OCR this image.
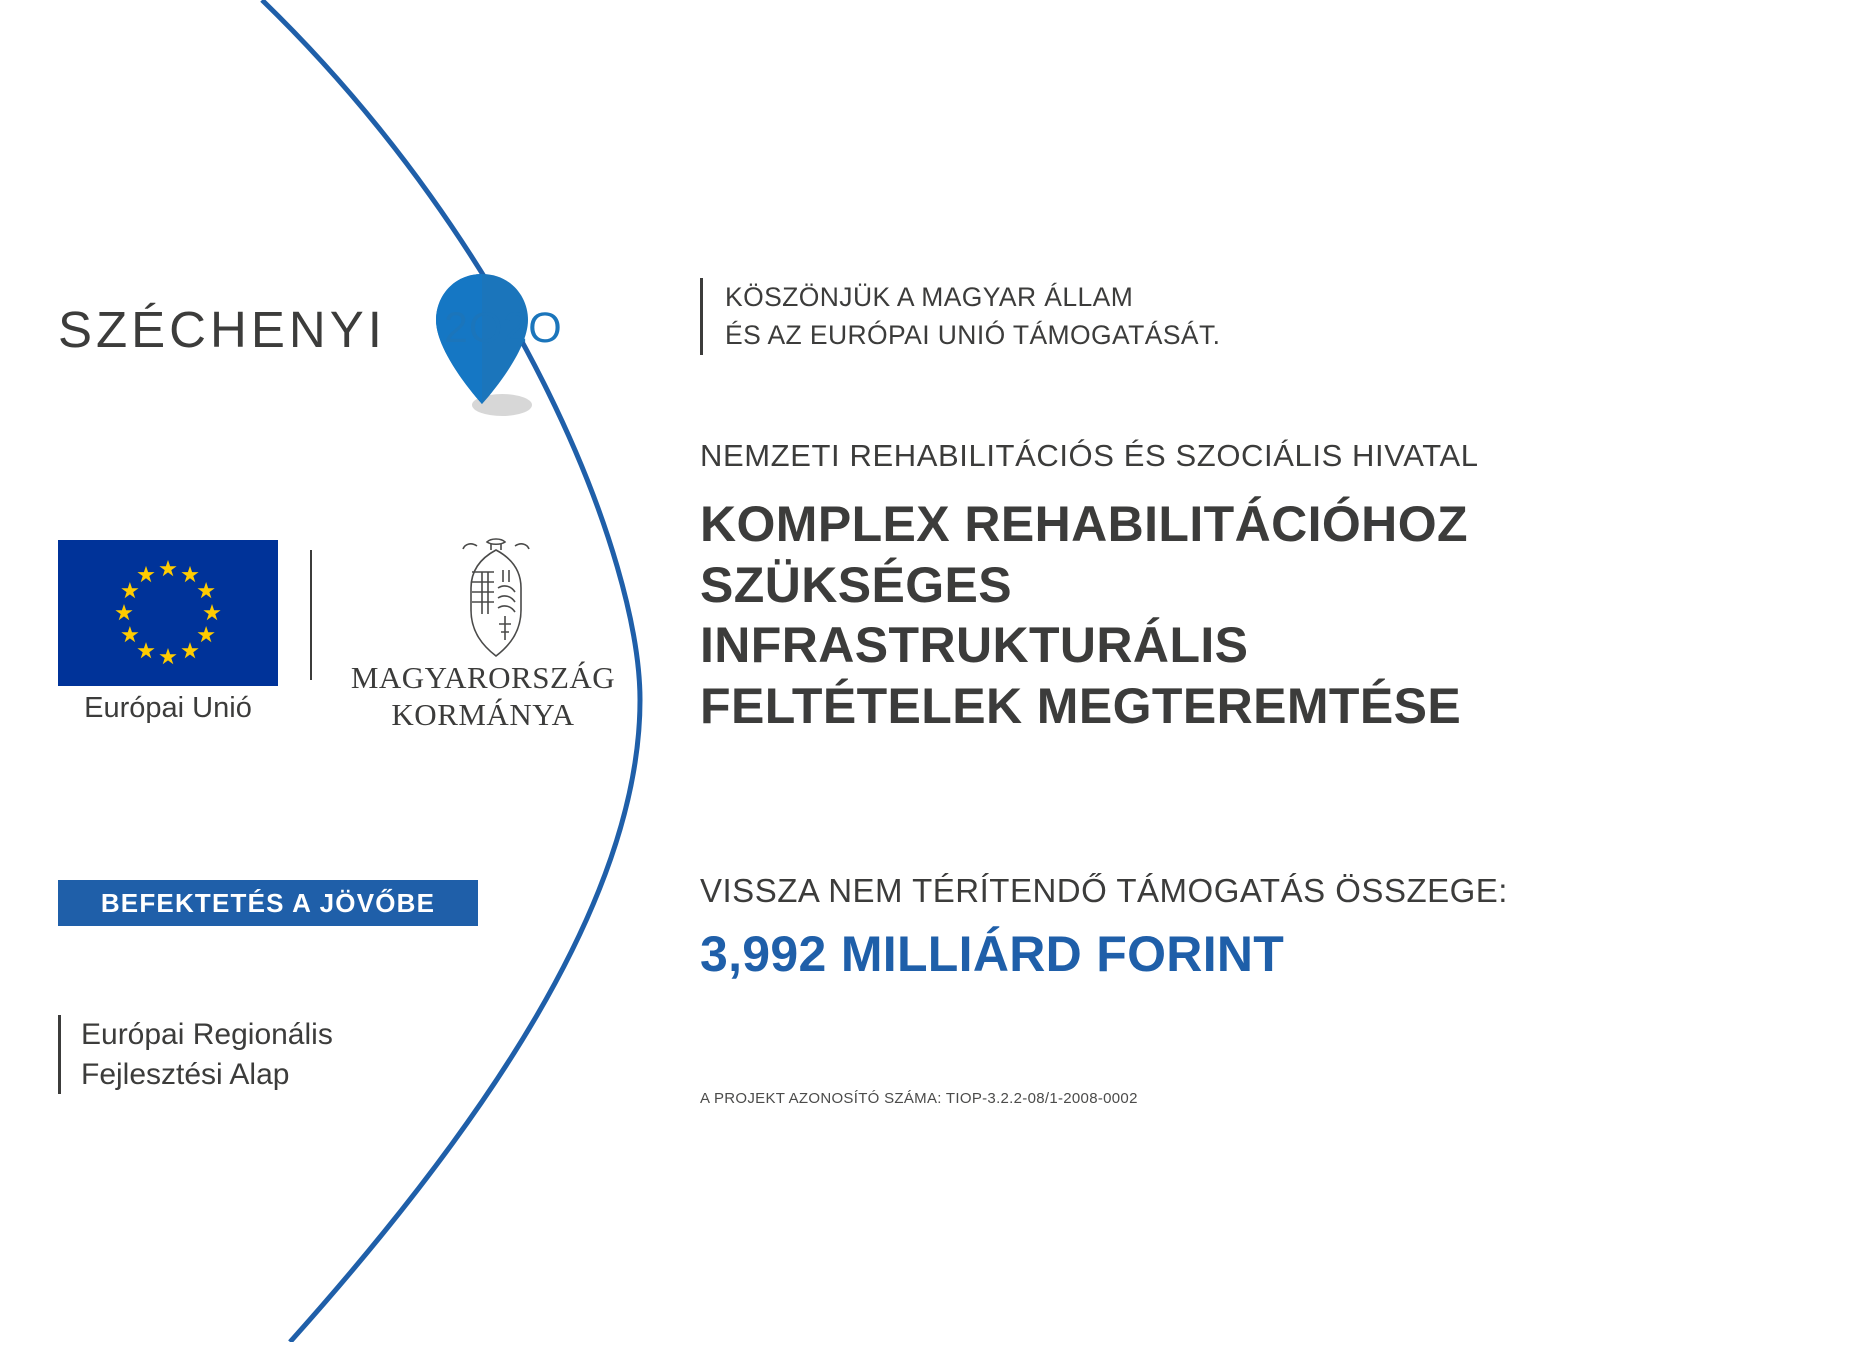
SZÉCHENYI 2O2O
Európai Unió
MAGYARORSZÁG
KORMÁNYA
BEFEKTETÉS A JÖVŐBE
Európai Regionális
Fejlesztési Alap
KÖSZÖNJÜK A MAGYAR ÁLLAM
ÉS AZ EURÓPAI UNIÓ TÁMOGATÁSÁT.
NEMZETI REHABILITÁCIÓS ÉS SZOCIÁLIS HIVATAL
KOMPLEX REHABILITÁCIÓHOZ
SZÜKSÉGES
INFRASTRUKTURÁLIS
FELTÉTELEK MEGTEREMTÉSE
VISSZA NEM TÉRÍTENDŐ TÁMOGATÁS ÖSSZEGE:
3,992 MILLIÁRD FORINT
A PROJEKT AZONOSÍTÓ SZÁMA: TIOP-3.2.2-08/1-2008-0002
